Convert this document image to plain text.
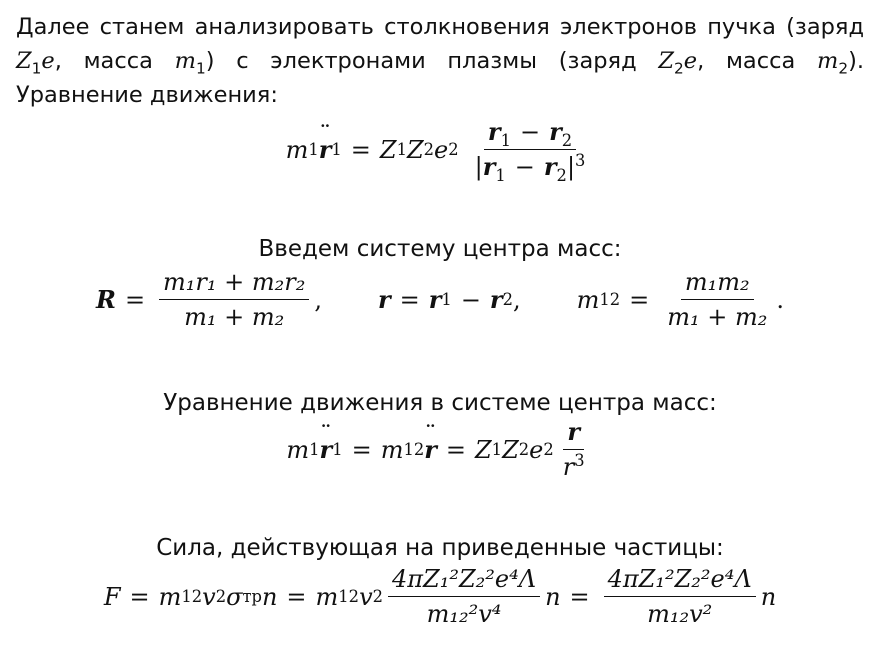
Далее станем анализировать столкновения электронов пучка (заряд $Z_1e$, масса $m_1$) с электронами плазмы (заряд $Z_2e$, масса $m_2$). Уравнение движения:
m 1 ¨ r 1 = Z 1 Z 2 e $2 \frac{r_1 - r_2}{|r_1 - r_2|^3}$
Введем систему центра масс:
$R = \frac{\text{m₁r₁ + m₂r₂}}{\text{m₁ + m₂}}$ , r = r 1 − r 2 , m $12 = \frac{\text{m₁m₂}}{\text{m₁ + m₂}}$ .
Уравнение движения в системе центра масс:
m 1 ¨ r 1 = m 12 ¨ r = Z 1 Z 2 e $2 \frac{r}{r^3}$
Сила, действующая на приведенные частицы:
F = m 12 v 2 σ тр n = m 12 v $2 \frac{\text{4πZ₁²Z₂²e⁴Λ}}{\text{m₁₂²v⁴}}$ $n = \frac{\text{4πZ₁²Z₂²e⁴Λ}}{\text{m₁₂v²}}$ n
